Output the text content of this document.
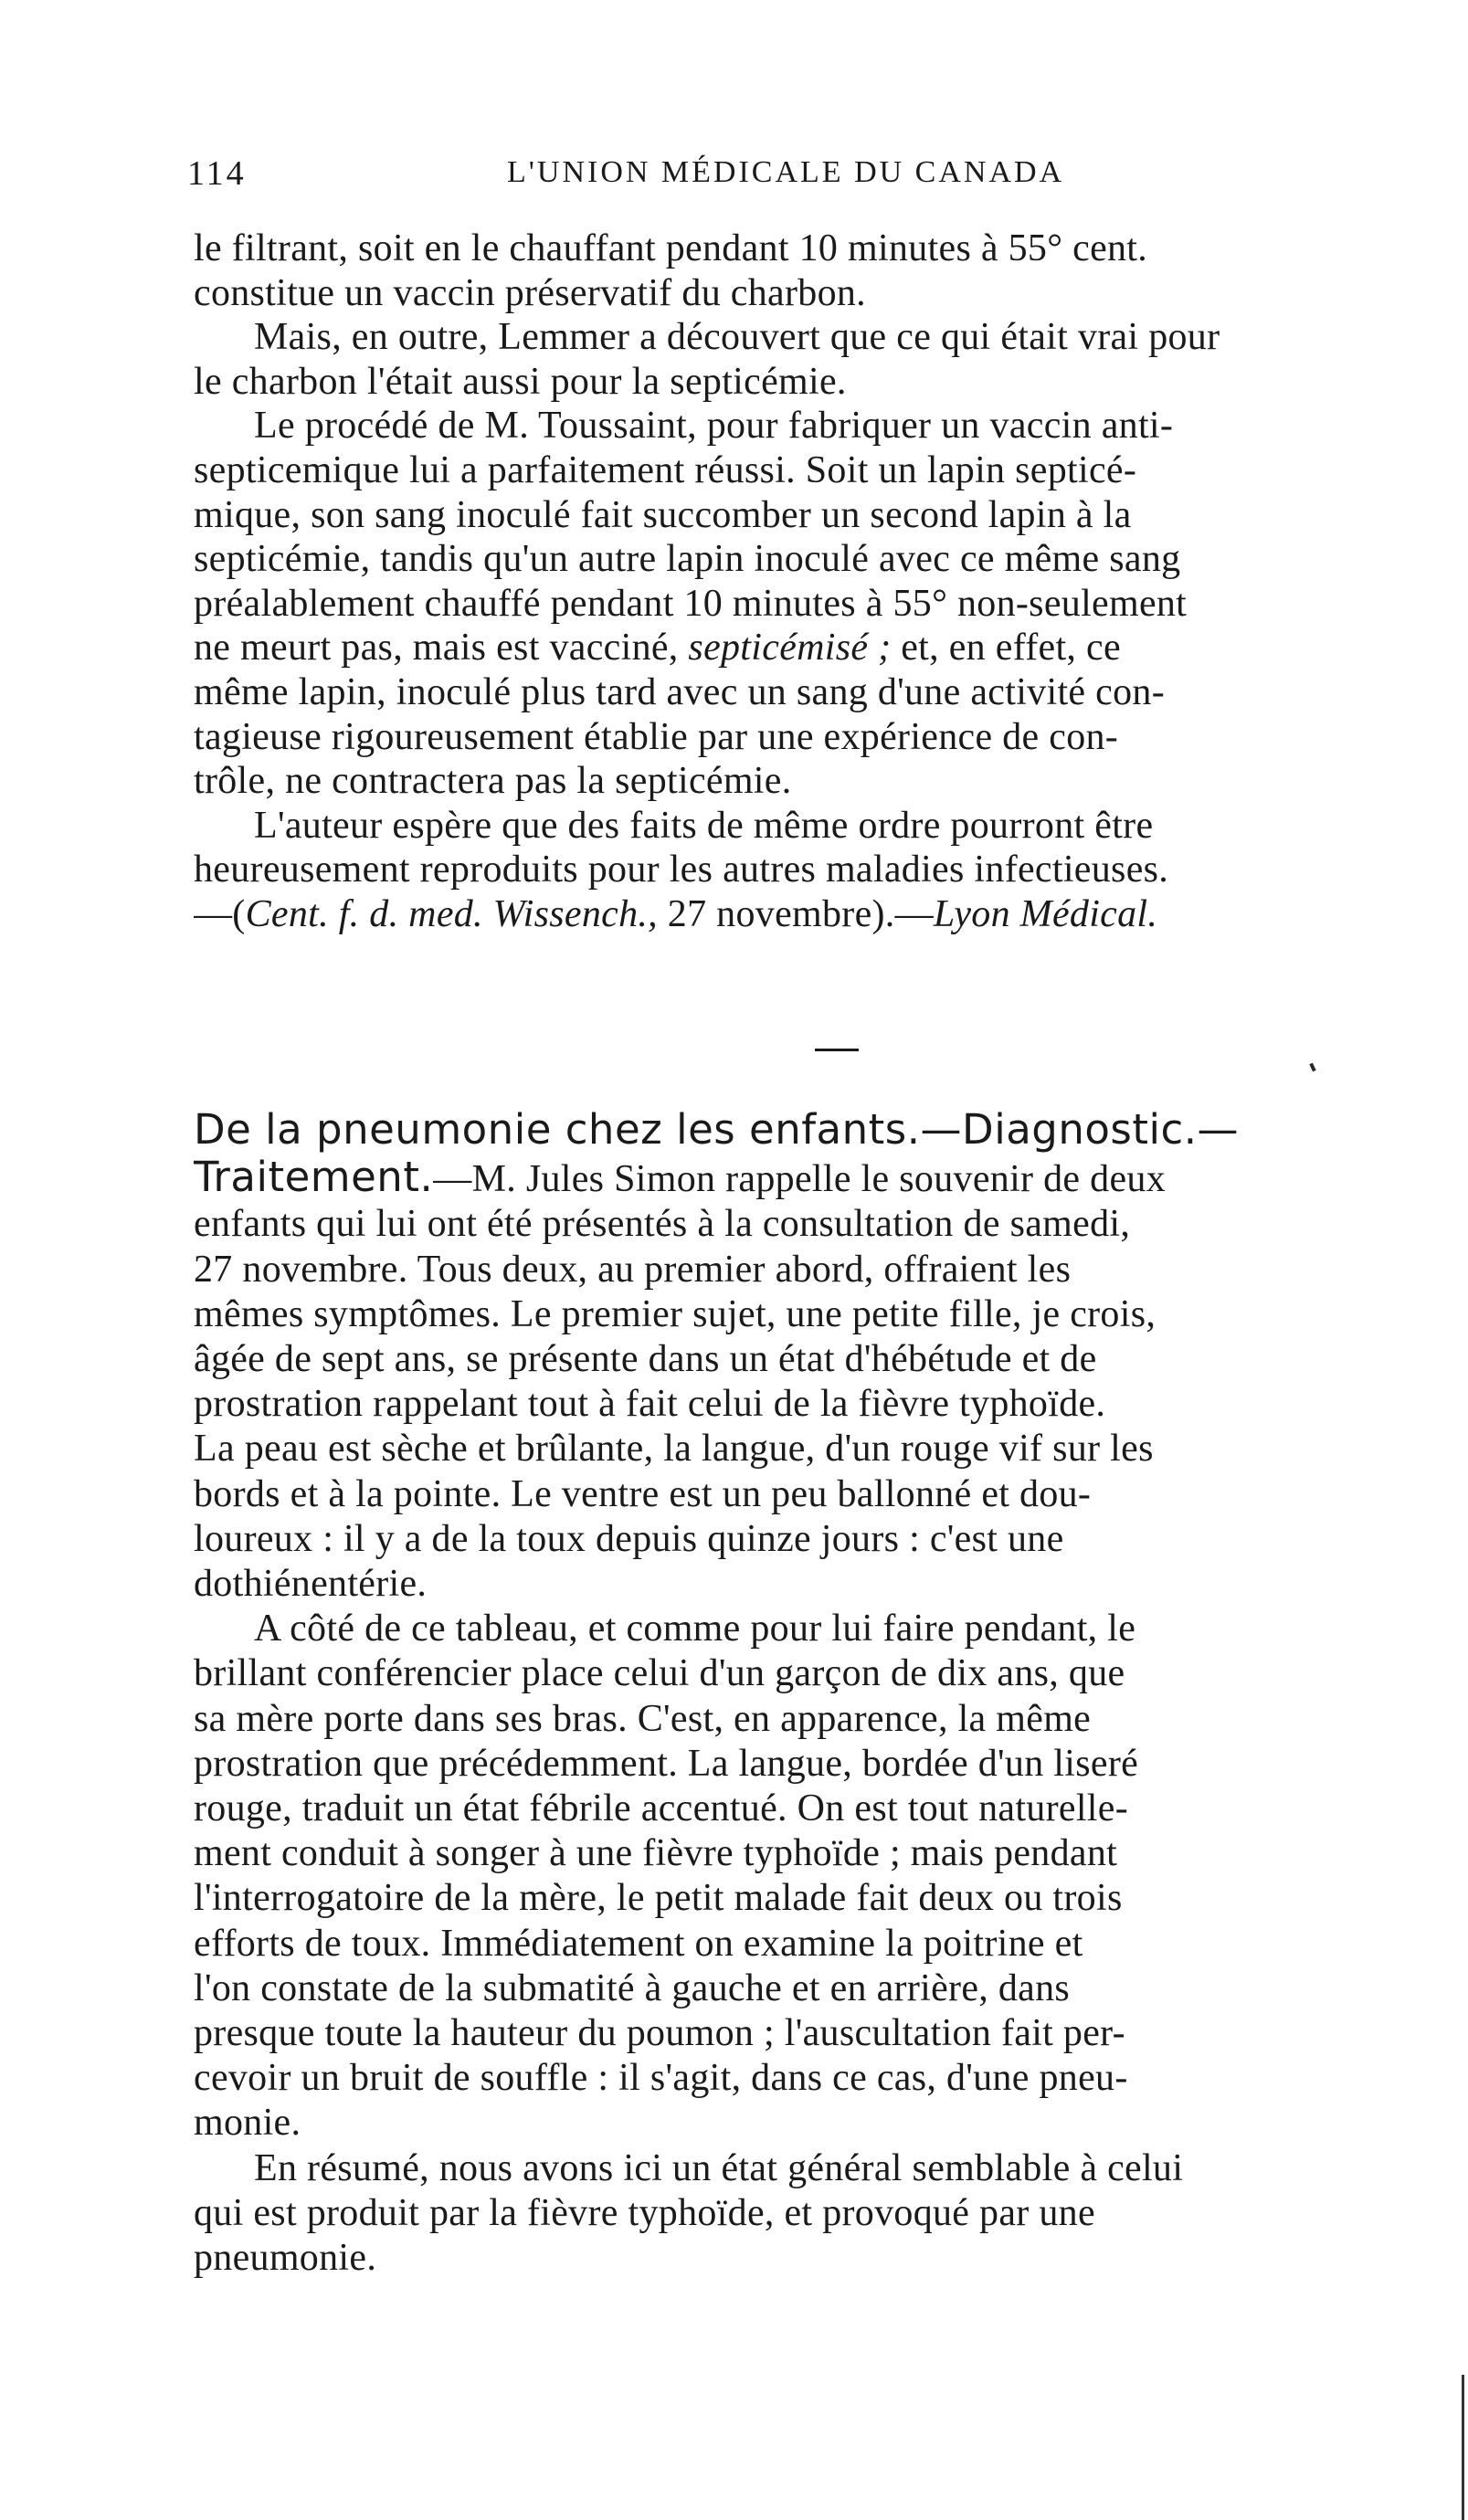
114	L'UNION MÉDICALE DU CANADA
le filtrant, soit en le chauffant pendant 10 minutes à 55° cent.
constitue un vaccin préservatif du charbon.
Mais, en outre, Lemmer a découvert que ce qui était vrai pour
le charbon l'était aussi pour la septicémie.
Le procédé de M. Toussaint, pour fabriquer un vaccin anti-
septicemique lui a parfaitement réussi. Soit un lapin septicé-
mique, son sang inoculé fait succomber un second lapin à la
septicémie, tandis qu'un autre lapin inoculé avec ce même sang
préalablement chauffé pendant 10 minutes à 55° non-seulement
ne meurt pas, mais est vacciné, septicémisé ; et, en effet, ce
même lapin, inoculé plus tard avec un sang d'une activité con-
tagieuse rigoureusement établie par une expérience de con-
trôle, ne contractera pas la septicémie.
L'auteur espère que des faits de même ordre pourront être
heureusement reproduits pour les autres maladies infectieuses.
—(Cent. f. d. med. Wissench., 27 novembre).—Lyon Médical.
De la pneumonie chez les enfants.—Diagnostic.—
Traitement.—M. Jules Simon rappelle le souvenir de deux
enfants qui lui ont été présentés à la consultation de samedi,
27 novembre. Tous deux, au premier abord, offraient les
mêmes symptômes. Le premier sujet, une petite fille, je crois,
âgée de sept ans, se présente dans un état d'hébétude et de
prostration rappelant tout à fait celui de la fièvre typhoïde.
La peau est sèche et brûlante, la langue, d'un rouge vif sur les
bords et à la pointe. Le ventre est un peu ballonné et dou-
loureux : il y a de la toux depuis quinze jours : c'est une
dothiénentérie.
A côté de ce tableau, et comme pour lui faire pendant, le
brillant conférencier place celui d'un garçon de dix ans, que
sa mère porte dans ses bras. C'est, en apparence, la même
prostration que précédemment. La langue, bordée d'un liseré
rouge, traduit un état fébrile accentué. On est tout naturelle-
ment conduit à songer à une fièvre typhoïde ; mais pendant
l'interrogatoire de la mère, le petit malade fait deux ou trois
efforts de toux. Immédiatement on examine la poitrine et
l'on constate de la submatité à gauche et en arrière, dans
presque toute la hauteur du poumon ; l'auscultation fait per-
cevoir un bruit de souffle : il s'agit, dans ce cas, d'une pneu-
monie.
En résumé, nous avons ici un état général semblable à celui
qui est produit par la fièvre typhoïde, et provoqué par une
pneumonie.
